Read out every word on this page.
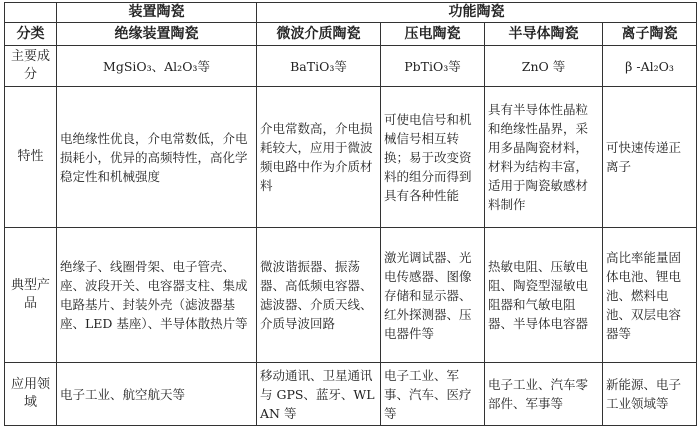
	装置陶瓷	功能陶瓷			
分类	绝缘装置陶瓷	微波介质陶瓷	压电陶瓷	半导体陶瓷	离子陶瓷
主要成分	MgSiO₃、Al₂O₃等	BaTiO₃等	PbTiO₃等	ZnO 等	β -Al₂O₃
特性	电绝缘性优良，介电常数低，介电损耗小，优异的高频特性，高化学稳定性和机械强度	介电常数高，介电损耗较大，应用于微波频电路中作为介质材料	可使电信号和机械信号相互转换；易于改变资料的组分而得到具有各种性能	具有半导体性晶粒和绝缘性晶界，采用多晶陶瓷材料，材料为结构丰富，适用于陶瓷敏感材料制作	可快速传递正离子
典型产品	绝缘子、线圈骨架、电子管壳、座、波段开关、电容器支柱、集成电路基片、封装外壳（滤波器基座、LED 基座）、半导体散热片等	微波谐振器、振荡器、高低频电容器、滤波器、介质天线、介质导波回路	激光调试器、光电传感器、图像存储和显示器、红外探测器、压电器件等	热敏电阻、压敏电阻、陶瓷型湿敏电阻器和气敏电阻器、半导体电容器	高比率能量固体电池、锂电池、燃料电池、双层电容器等
应用领域	电子工业、航空航天等	移动通讯、卫星通讯与 GPS、蓝牙、WLAN 等	电子工业、军事、汽车、医疗等	电子工业、汽车零部件、军事等	新能源、电子工业领域等
